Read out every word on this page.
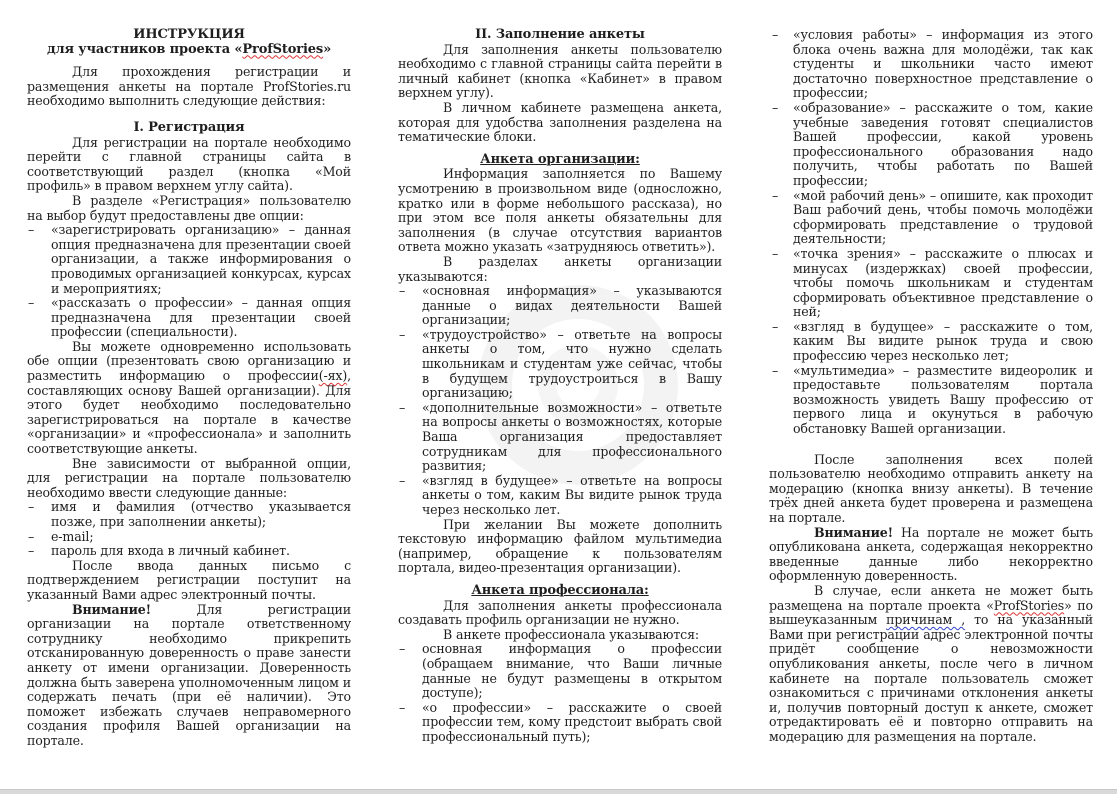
ИНСТРУКЦИЯ

для участников проекта «ProfStories»

Для прохождения регистрации и размещения анкеты на портале ProfStories.ru необходимо выполнить следующие действия:

I. Регистрация

Для регистрации на портале необходимо перейти с главной страницы сайта в соответствующий раздел (кнопка «Мой профиль» в правом верхнем углу сайта).

В разделе «Регистрация» пользователю на выбор будут предоставлены две опции:

– «зарегистрировать организацию» – данная опция предназначена для презентации своей организации, а также информирования о проводимых организацией конкурсах, курсах и мероприятиях;
– «рассказать о профессии» – данная опция предназначена для презентации своей профессии (специальности).

Вы можете одновременно использовать обе опции (презентовать свою организацию и разместить информацию о профессии(-ях), составляющих основу Вашей организации). Для этого будет необходимо последовательно зарегистрироваться на портале в качестве «организации» и «профессионала» и заполнить соответствующие анкеты.

Вне зависимости от выбранной опции, для регистрации на портале пользователю необходимо ввести следующие данные:

– имя и фамилия (отчество указывается позже, при заполнении анкеты);
– e-mail;
– пароль для входа в личный кабинет.

После ввода данных письмо с подтверждением регистрации поступит на указанный Вами адрес электронный почты.

Внимание! Для регистрации организации на портале ответственному сотруднику необходимо прикрепить отсканированную доверенность о праве занести анкету от имени организации. Доверенность должна быть заверена уполномоченным лицом и содержать печать (при её наличии). Это поможет избежать случаев неправомерного создания профиля Вашей организации на портале.

II. Заполнение анкеты

Для заполнения анкеты пользователю необходимо с главной страницы сайта перейти в личный кабинет (кнопка «Кабинет» в правом верхнем углу).

В личном кабинете размещена анкета, которая для удобства заполнения разделена на тематические блоки.

Анкета организации:

Информация заполняется по Вашему усмотрению в произвольном виде (односложно, кратко или в форме небольшого рассказа), но при этом все поля анкеты обязательны для заполнения (в случае отсутствия вариантов ответа можно указать «затрудняюсь ответить»).

В разделах анкеты организации указываются:

– «основная информация» – указываются данные о видах деятельности Вашей организации;
– «трудоустройство» – ответьте на вопросы анкеты о том, что нужно сделать школьникам и студентам уже сейчас, чтобы в будущем трудоустроиться в Вашу организацию;
– «дополнительные возможности» – ответьте на вопросы анкеты о возможностях, которые Ваша организация предоставляет сотрудникам для профессионального развития;
– «взгляд в будущее» – ответьте на вопросы анкеты о том, каким Вы видите рынок труда через несколько лет.

При желании Вы можете дополнить текстовую информацию файлом мультимедиа (например, обращение к пользователям портала, видео-презентация организации).

Анкета профессионала:

Для заполнения анкеты профессионала создавать профиль организации не нужно.

В анкете профессионала указываются:

– основная информация о профессии (обращаем внимание, что Ваши личные данные не будут размещены в открытом доступе);
– «о профессии» – расскажите о своей профессии тем, кому предстоит выбрать свой профессиональный путь);
– «условия работы» – информация из этого блока очень важна для молодёжи, так как студенты и школьники часто имеют достаточно поверхностное представление о профессии;
– «образование» – расскажите о том, какие учебные заведения готовят специалистов Вашей профессии, какой уровень профессионального образования надо получить, чтобы работать по Вашей профессии;
– «мой рабочий день» – опишите, как проходит Ваш рабочий день, чтобы помочь молодёжи сформировать представление о трудовой деятельности;
– «точка зрения» – расскажите о плюсах и минусах (издержках) своей профессии, чтобы помочь школьникам и студентам сформировать объективное представление о ней;
– «взгляд в будущее» – расскажите о том, каким Вы видите рынок труда и свою профессию через несколько лет;
– «мультимедиа» – разместите видеоролик и предоставьте пользователям портала возможность увидеть Вашу профессию от первого лица и окунуться в рабочую обстановку Вашей организации.

После заполнения всех полей пользователю необходимо отправить анкету на модерацию (кнопка внизу анкеты). В течение трёх дней анкета будет проверена и размещена на портале.

Внимание! На портале не может быть опубликована анкета, содержащая некорректно введенные данные либо некорректно оформленную доверенность.

В случае, если анкета не может быть размещена на портале проекта «ProfStories» по вышеуказанным причинам , то на указанный Вами при регистрации адрес электронной почты придёт сообщение о невозможности опубликования анкеты, после чего в личном кабинете на портале пользователь сможет ознакомиться с причинами отклонения анкеты и, получив повторный доступ к анкете, сможет отредактировать её и повторно отправить на модерацию для размещения на портале.
